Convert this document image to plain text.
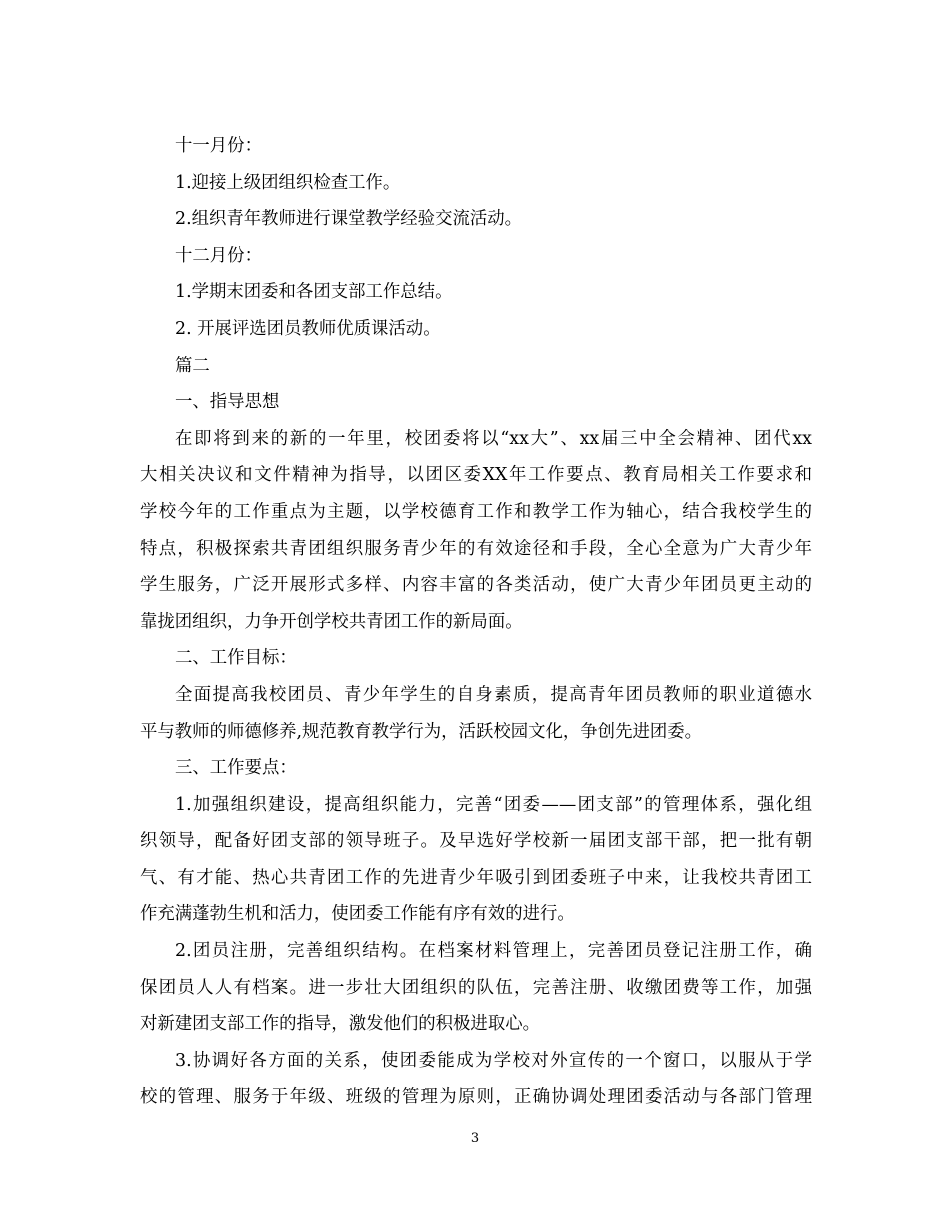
十一月份：

1.迎接上级团组织检查工作。

2.组织青年教师进行课堂教学经验交流活动。

十二月份：

1.学期末团委和各团支部工作总结。

2. 开展评选团员教师优质课活动。

篇二

一、指导思想

在即将到来的新的一年里，校团委将以“xx大”、xx届三中全会精神、团代xx

大相关决议和文件精神为指导，以团区委XX年工作要点、教育局相关工作要求和

学校今年的工作重点为主题，以学校德育工作和教学工作为轴心，结合我校学生的

特点，积极探索共青团组织服务青少年的有效途径和手段，全心全意为广大青少年

学生服务，广泛开展形式多样、内容丰富的各类活动，使广大青少年团员更主动的

靠拢团组织，力争开创学校共青团工作的新局面。

二、工作目标：

全面提高我校团员、青少年学生的自身素质，提高青年团员教师的职业道德水

平与教师的师德修养,规范教育教学行为，活跃校园文化，争创先进团委。

三、工作要点：

1.加强组织建设，提高组织能力，完善“团委——团支部”的管理体系，强化组

织领导，配备好团支部的领导班子。及早选好学校新一届团支部干部，把一批有朝

气、有才能、热心共青团工作的先进青少年吸引到团委班子中来，让我校共青团工

作充满蓬勃生机和活力，使团委工作能有序有效的进行。

2.团员注册，完善组织结构。在档案材料管理上，完善团员登记注册工作，确

保团员人人有档案。进一步壮大团组织的队伍，完善注册、收缴团费等工作，加强

对新建团支部工作的指导，激发他们的积极进取心。

3.协调好各方面的关系，使团委能成为学校对外宣传的一个窗口，以服从于学

校的管理、服务于年级、班级的管理为原则，正确协调处理团委活动与各部门管理

3
